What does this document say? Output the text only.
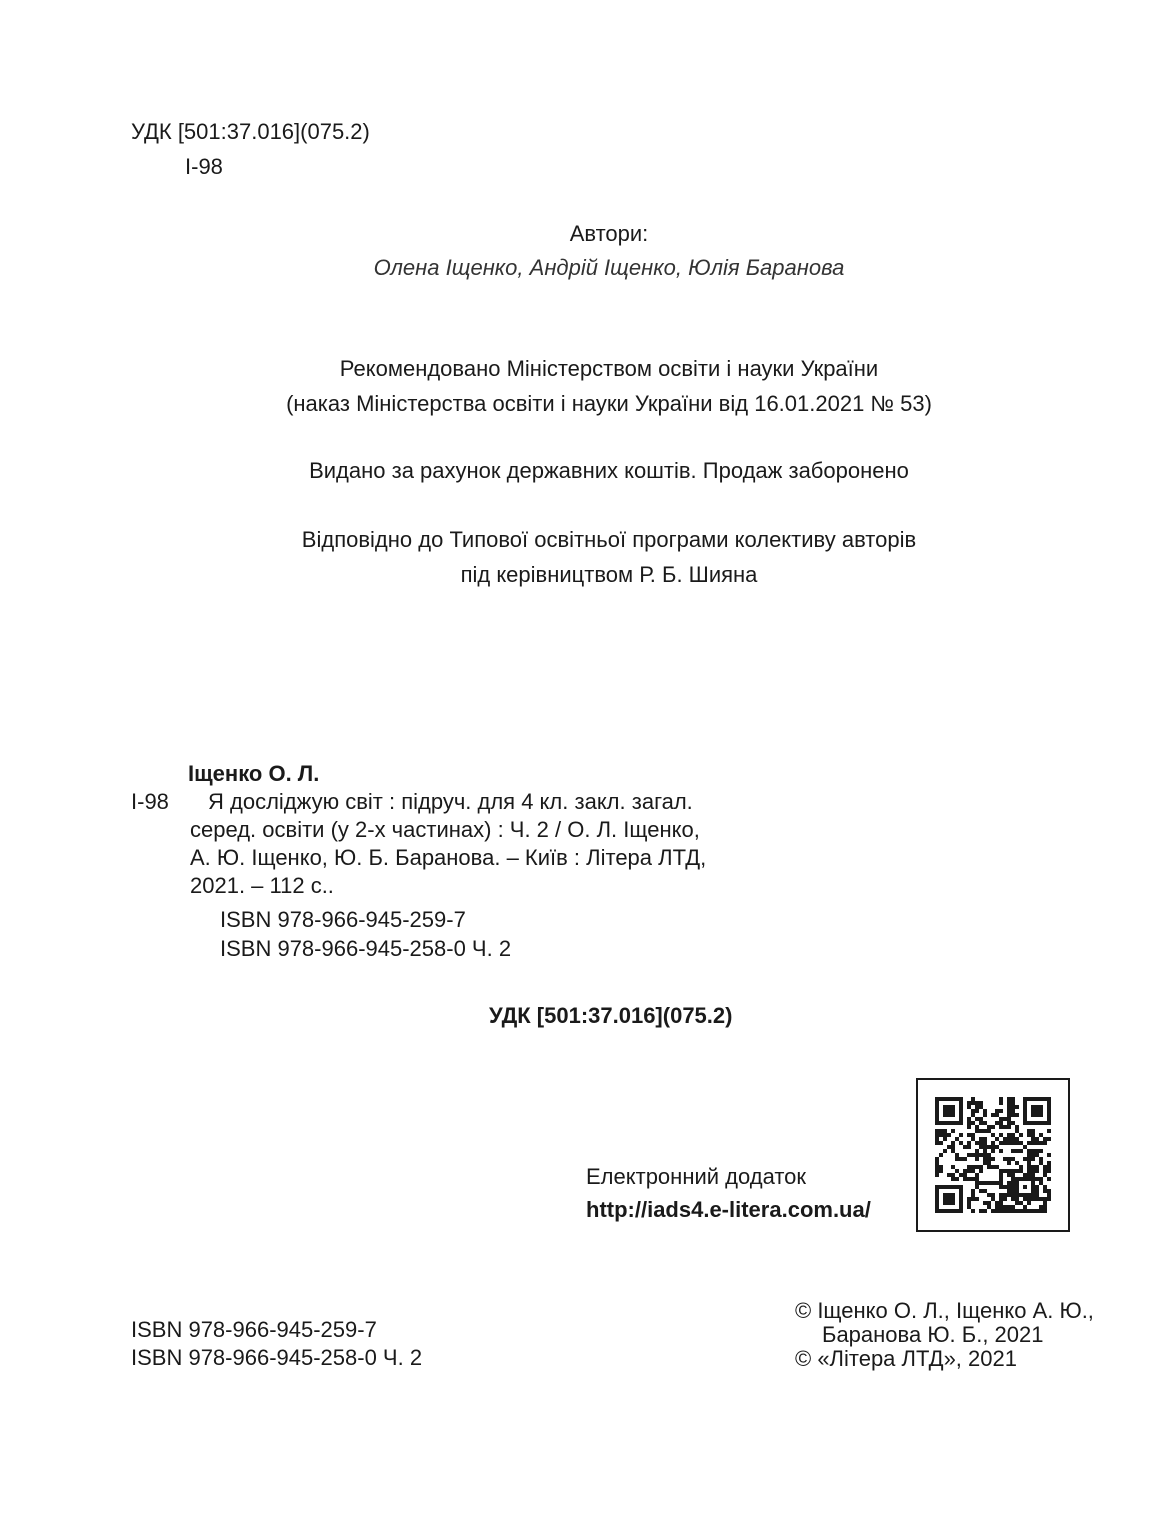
УДК [501:37.016](075.2)
І-98
Автори:
Олена Іщенко, Андрій Іщенко, Юлія Баранова
Рекомендовано Міністерством освіти і науки України
(наказ Міністерства освіти і науки України від 16.01.2021 № 53)
Видано за рахунок державних коштів. Продаж заборонено
Відповідно до Типової освітньої програми колективу авторів
під керівництвом Р. Б. Шияна
Іщенко О. Л.
І-98	Я досліджую світ : підруч. для 4 кл. закл. загал.

серед. освіти (у 2-х частинах) : Ч. 2 / О. Л. Іщенко,

А. Ю. Іщенко, Ю. Б. Баранова. – Київ : Літера ЛТД,

2021. – 112 с..

ISBN 978-966-945-259-7
ISBN 978-966-945-258-0 Ч. 2
УДК [501:37.016](075.2)
Електронний додаток
http://iads4.e-litera.com.ua/
ISBN 978-966-945-259-7
ISBN 978-966-945-258-0 Ч. 2
© Іщенко О. Л., Іщенко А. Ю.,
Баранова Ю. Б., 2021
© «Літера ЛТД», 2021
